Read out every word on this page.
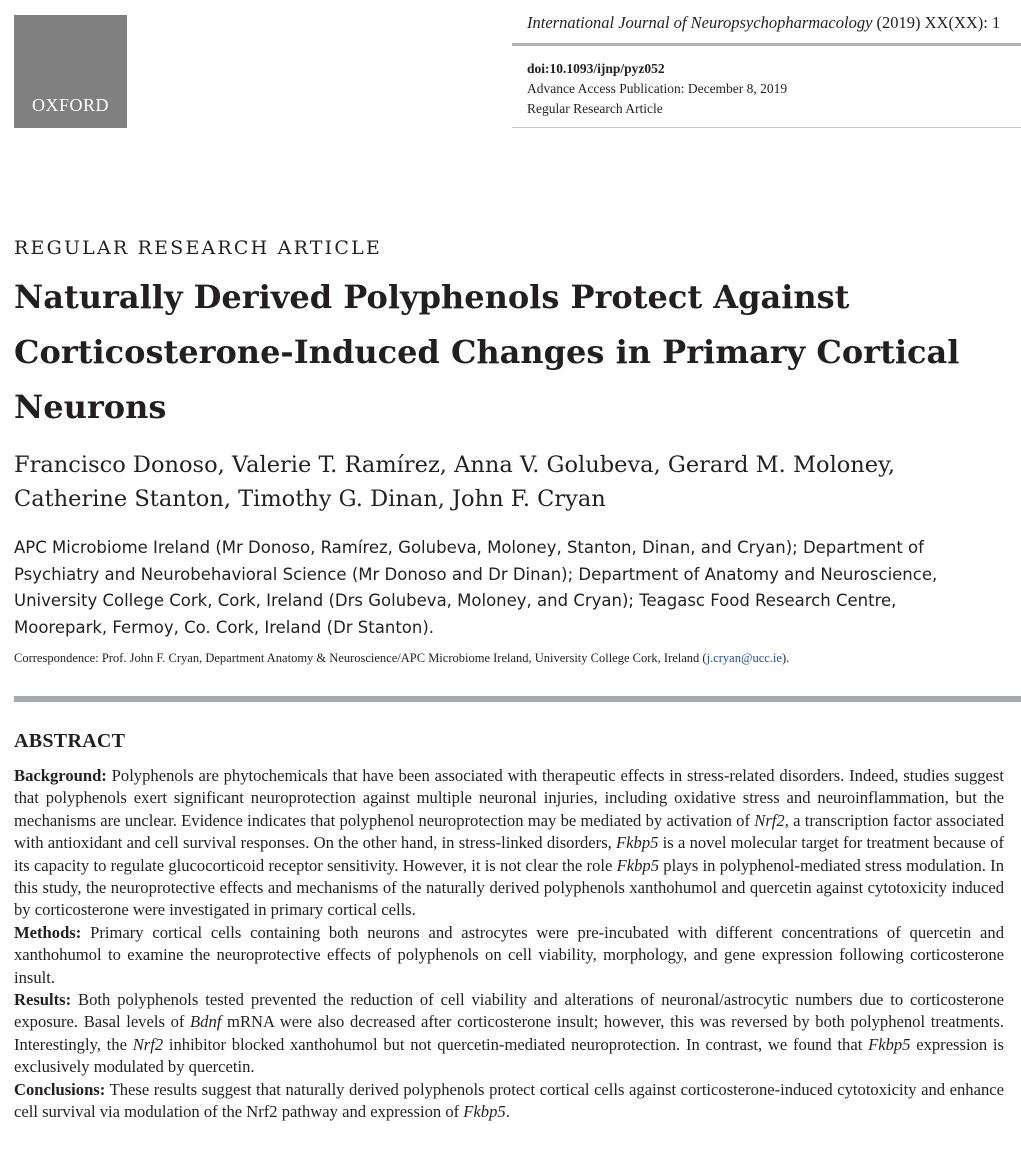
OXFORD
International Journal of Neuropsychopharmacology (2019) XX(XX): 1
doi:10.1093/ijnp/pyz052
Advance Access Publication: December 8, 2019
Regular Research Article
REGULAR RESEARCH ARTICLE
Naturally Derived Polyphenols Protect Against Corticosterone-Induced Changes in Primary Cortical Neurons
Francisco Donoso, Valerie T. Ramírez, Anna V. Golubeva, Gerard M. Moloney, Catherine Stanton, Timothy G. Dinan, John F. Cryan
APC Microbiome Ireland (Mr Donoso, Ramírez, Golubeva, Moloney, Stanton, Dinan, and Cryan); Department of Psychiatry and Neurobehavioral Science (Mr Donoso and Dr Dinan); Department of Anatomy and Neuroscience, University College Cork, Cork, Ireland (Drs Golubeva, Moloney, and Cryan); Teagasc Food Research Centre, Moorepark, Fermoy, Co. Cork, Ireland (Dr Stanton).
Correspondence: Prof. John F. Cryan, Department Anatomy & Neuroscience/APC Microbiome Ireland, University College Cork, Ireland (j.cryan@ucc.ie).
ABSTRACT

Background: Polyphenols are phytochemicals that have been associated with therapeutic effects in stress-related disorders. Indeed, studies suggest that polyphenols exert significant neuroprotection against multiple neuronal injuries, including oxidative stress and neuroinflammation, but the mechanisms are unclear. Evidence indicates that polyphenol neuroprotection may be mediated by activation of Nrf2, a transcription factor associated with antioxidant and cell survival responses. On the other hand, in stress-linked disorders, Fkbp5 is a novel molecular target for treatment because of its capacity to regulate glucocorticoid receptor sensitivity. However, it is not clear the role Fkbp5 plays in polyphenol-mediated stress modulation. In this study, the neuroprotective effects and mechanisms of the naturally derived polyphenols xanthohumol and quercetin against cytotoxicity induced by corticosterone were investigated in primary cortical cells.

Methods: Primary cortical cells containing both neurons and astrocytes were pre-incubated with different concentrations of quercetin and xanthohumol to examine the neuroprotective effects of polyphenols on cell viability, morphology, and gene expression following corticosterone insult.

Results: Both polyphenols tested prevented the reduction of cell viability and alterations of neuronal/astrocytic numbers due to corticosterone exposure. Basal levels of Bdnf mRNA were also decreased after corticosterone insult; however, this was reversed by both polyphenol treatments. Interestingly, the Nrf2 inhibitor blocked xanthohumol but not quercetin-mediated neuroprotection. In contrast, we found that Fkbp5 expression is exclusively modulated by quercetin.

Conclusions: These results suggest that naturally derived polyphenols protect cortical cells against corticosterone-induced cytotoxicity and enhance cell survival via modulation of the Nrf2 pathway and expression of Fkbp5.
